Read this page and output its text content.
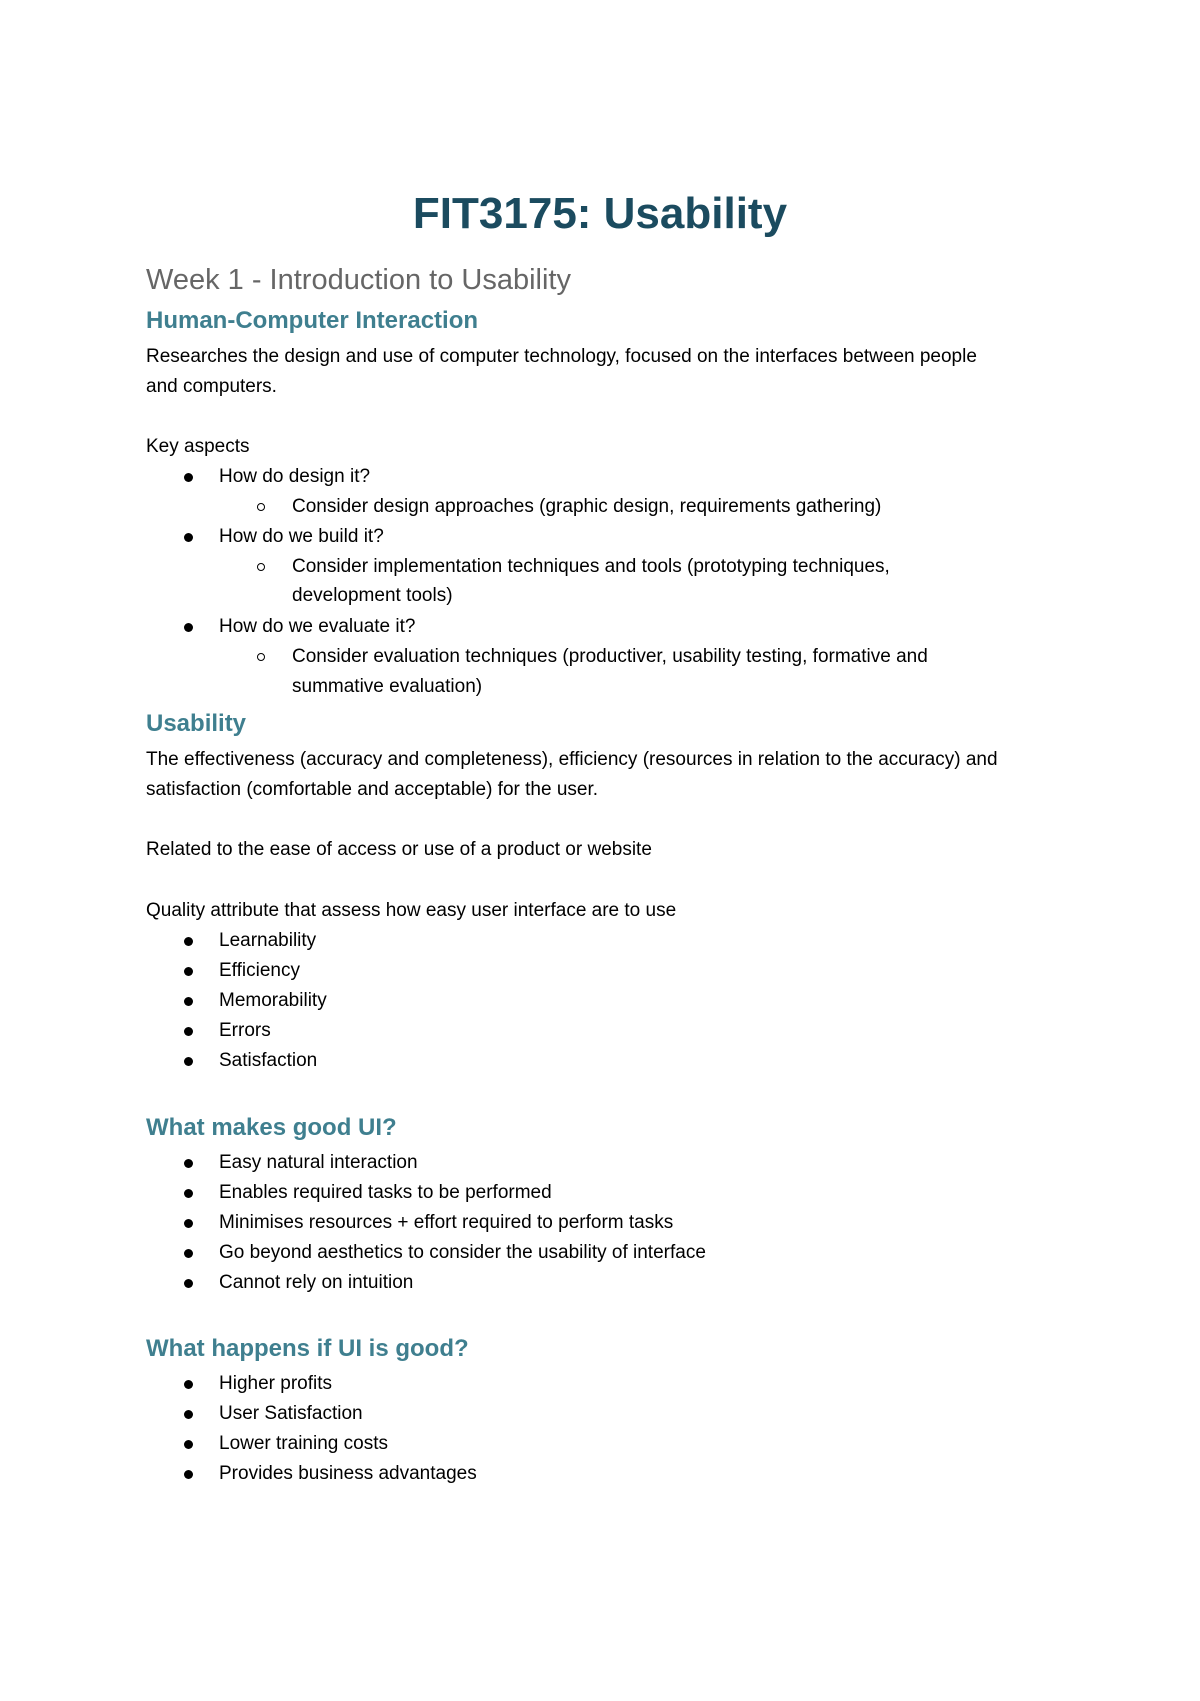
FIT3175: Usability
Week 1 - Introduction to Usability
Human-Computer Interaction
Researches the design and use of computer technology, focused on the interfaces between people
and computers.
Key aspects
How do design it?
Consider design approaches (graphic design, requirements gathering)
How do we build it?
Consider implementation techniques and tools (prototyping techniques,
development tools)
How do we evaluate it?
Consider evaluation techniques (productiver, usability testing, formative and
summative evaluation)
Usability
The effectiveness (accuracy and completeness), efficiency (resources in relation to the accuracy) and
satisfaction (comfortable and acceptable) for the user.
Related to the ease of access or use of a product or website
Quality attribute that assess how easy user interface are to use
Learnability
Efficiency
Memorability
Errors
Satisfaction
What makes good UI?
Easy natural interaction
Enables required tasks to be performed
Minimises resources + effort required to perform tasks
Go beyond aesthetics to consider the usability of interface
Cannot rely on intuition
What happens if UI is good?
Higher profits
User Satisfaction
Lower training costs
Provides business advantages
